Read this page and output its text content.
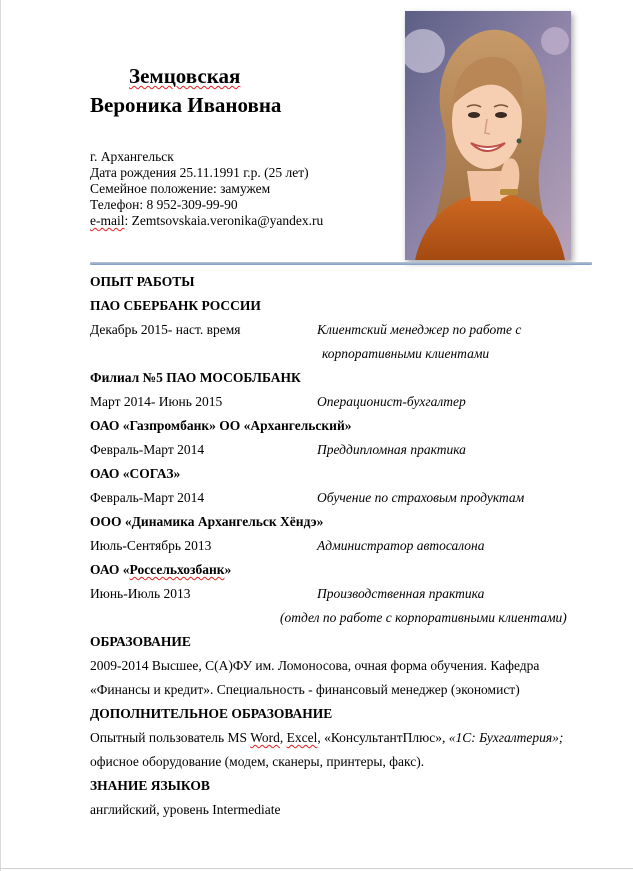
Земцовская
Вероника Ивановна
г. Архангельск
Дата рождения 25.11.1991 г.р. (25 лет)
Семейное положение: замужем
Телефон: 8 952-309-99-90
e-mail: Zemtsovskaia.veronika@yandex.ru
ОПЫТ РАБОТЫ
ПАО СБЕРБАНК РОССИИ
Декабрь 2015- наст. время	Клиентский менеджер по работе с
корпоративными клиентами
Филиал №5 ПАО МОСОБЛБАНК
Март 2014- Июнь 2015	Операционист-бухгалтер
ОАО «Газпромбанк» ОО «Архангельский»
Февраль-Март 2014	Преддипломная практика
ОАО «СОГАЗ»
Февраль-Март 2014	Обучение по страховым продуктам
ООО «Динамика Архангельск Хёндэ»
Июль-Сентябрь 2013	Администратор автосалона
ОАО «Россельхозбанк»
Июнь-Июль 2013	Производственная практика
(отдел по работе с корпоративными клиентами)
ОБРАЗОВАНИЕ
2009-2014 Высшее, С(А)ФУ им. Ломоносова, очная форма обучения. Кафедра
«Финансы и кредит». Специальность - финансовый менеджер (экономист)
ДОПОЛНИТЕЛЬНОЕ ОБРАЗОВАНИЕ
Опытный пользователь MS Word, Excel, «КонсультантПлюс», «1С: Бухгалтерия»;
офисное оборудование (модем, сканеры, принтеры, факс).
ЗНАНИЕ ЯЗЫКОВ
английский, уровень Intermediate
